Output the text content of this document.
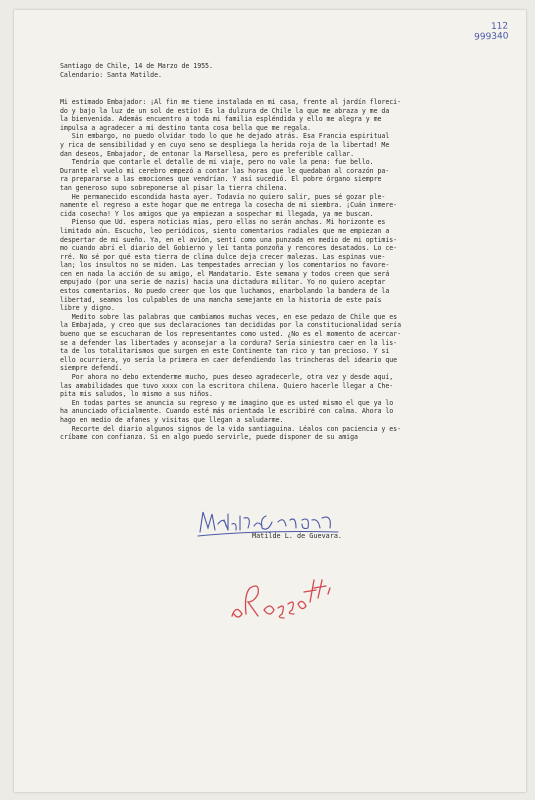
112
999340
Santiago de Chile, 14 de Marzo de 1955.
Calendario: Santa Matilde.
Mi estimado Embajador: ¡Al fin me tiene instalada en mi casa, frente al jardín floreci-
do y bajo la luz de un sol de estío! Es la dulzura de Chile la que me abraza y me da
la bienvenida. Además encuentro a toda mi familia espléndida y ello me alegra y me
impulsa a agradecer a mi destino tanta cosa bella que me regala.
Sin embargo, no puedo olvidar todo lo que he dejado atrás. Esa Francia espiritual
y rica de sensibilidad y en cuyo seno se despliega la herida roja de la libertad! Me
dan deseos, Embajador, de entonar la Marsellesa, pero es preferible callar.
Tendría que contarle el detalle de mi viaje, pero no vale la pena: fue bello.
Durante el vuelo mi cerebro empezó a contar las horas que le quedaban al corazón pa-
ra prepararse a las emociones que vendrían. Y así sucedió. El pobre órgano siempre
tan generoso supo sobreponerse al pisar la tierra chilena.
He permanecido escondida hasta ayer. Todavía no quiero salir, pues sé gozar ple-
namente el regreso a este hogar que me entrega la cosecha de mi siembra. ¡Cuán inmere-
cida cosecha! Y los amigos que ya empiezan a sospechar mi llegada, ya me buscan.
Pienso que Ud. espera noticias mías, pero ellas no serán anchas. Mi horizonte es
limitado aún. Escucho, leo periódicos, siento comentarios radiales que me empiezan a
despertar de mi sueño. Ya, en el avión, sentí como una punzada en medio de mi optimis-
mo cuando abrí el diario del Gobierno y leí tanta ponzoña y rencores desatados. Lo ce-
rré. No sé por qué esta tierra de clima dulce deja crecer malezas. Las espinas vue-
lan; los insultos no se miden. Las tempestades arrecian y los comentarios no favore-
cen en nada la acción de su amigo, el Mandatario. Este semana y todos creen que será
empujado (por una serie de nazis) hacia una dictadura militar. Yo no quiero aceptar
estos comentarios. No puedo creer que los que luchamos, enarbolando la bandera de la
libertad, seamos los culpables de una mancha semejante en la historia de este país
libre y digno.
Medito sobre las palabras que cambiamos muchas veces, en ese pedazo de Chile que es
la Embajada, y creo que sus declaraciones tan decididas por la constitucionalidad sería
bueno que se escucharan de los representantes como usted. ¿No es el momento de acercar-
se a defender las libertades y aconsejar a la cordura? Sería siniestro caer en la lis-
ta de los totalitarismos que surgen en este Continente tan rico y tan precioso. Y si
ello ocurriera, yo sería la primera en caer defendiendo las trincheras del ideario que
siempre defendí.
Por ahora no debo extenderme mucho, pues deseo agradecerle, otra vez y desde aquí,
las amabilidades que tuvo xxxx con la escritora chilena. Quiero hacerle llegar a Che-
pita mis saludos, lo mismo a sus niños.
En todas partes se anuncia su regreso y me imagino que es usted mismo el que ya lo
ha anunciado oficialmente. Cuando esté más orientada le escribiré con calma. Ahora lo
hago en medio de afanes y visitas que llegan a saludarme.
Recorte del diario algunos signos de la vida santiaguina. Léalos con paciencia y es-
críbame con confianza. Si en algo puedo servirle, puede disponer de su amiga
Matilde L. de Guevara.
